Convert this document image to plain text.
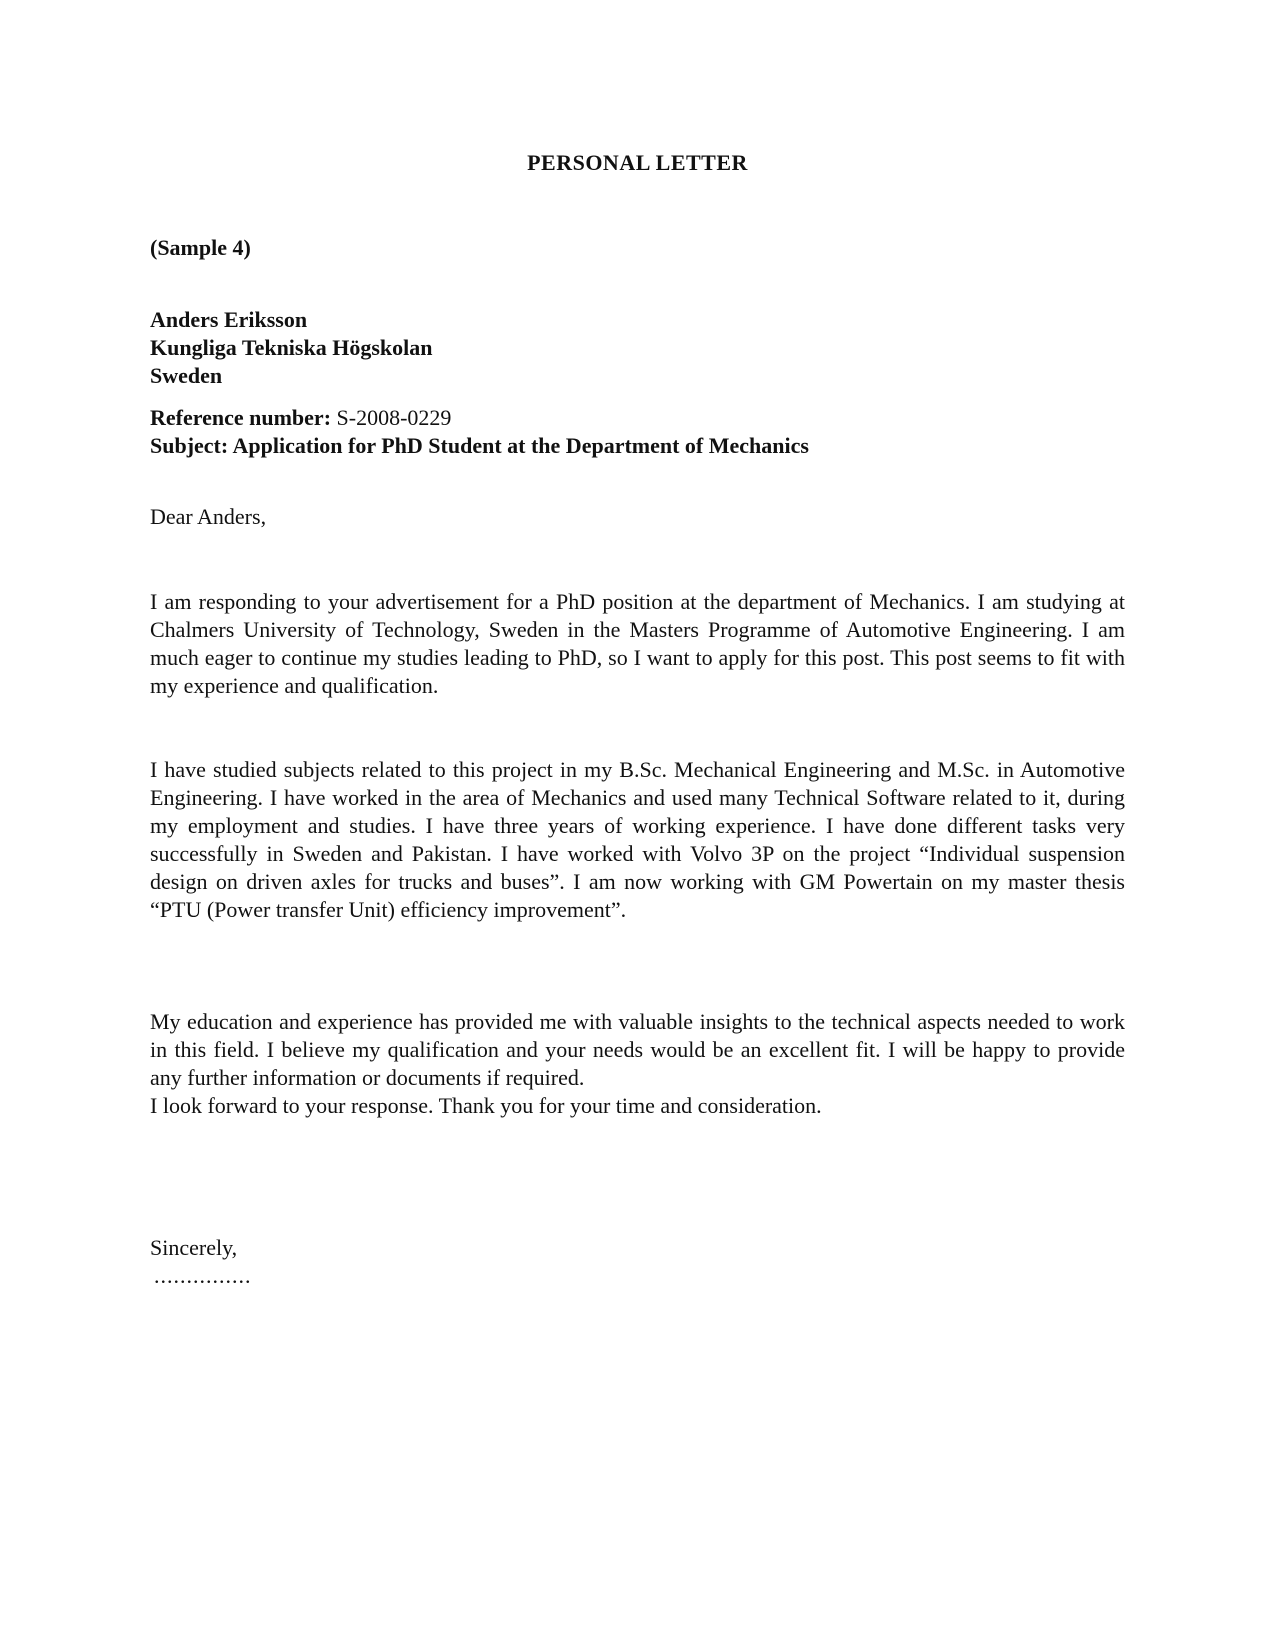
PERSONAL LETTER
(Sample 4)
Anders Eriksson
Kungliga Tekniska Högskolan
Sweden
Reference number: S-2008-0229
Subject: Application for PhD Student at the Department of Mechanics
Dear Anders,
I am responding to your advertisement for a PhD position at the department of Mechanics. I am studying at Chalmers University of Technology, Sweden in the Masters Programme of Automotive Engineering. I am much eager to continue my studies leading to PhD, so I want to apply for this post. This post seems to fit with my experience and qualification.
I have studied subjects related to this project in my B.Sc. Mechanical Engineering and M.Sc. in Automotive Engineering. I have worked in the area of Mechanics and used many Technical Software related to it, during my employment and studies. I have three years of working experience. I have done different tasks very successfully in Sweden and Pakistan. I have worked with Volvo 3P on the project “Individual suspension design on driven axles for trucks and buses”. I am now working with GM Powertain on my master thesis “PTU (Power transfer Unit) efficiency improvement”.
My education and experience has provided me with valuable insights to the technical aspects needed to work in this field. I believe my qualification and your needs would be an excellent fit. I will be happy to provide any further information or documents if required.
I look forward to your response. Thank you for your time and consideration.
Sincerely,
...............
